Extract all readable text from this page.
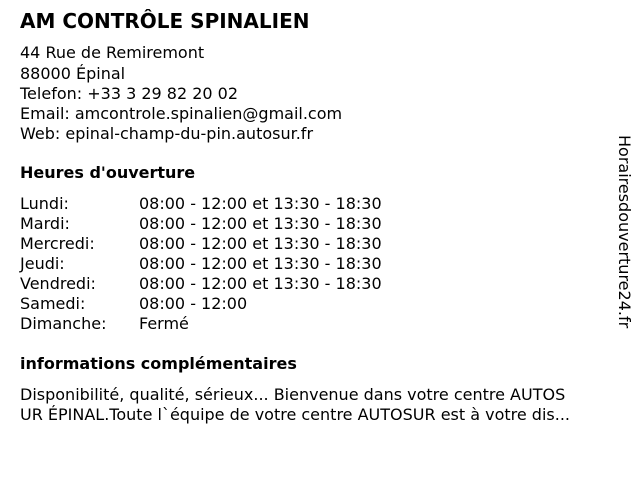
AM CONTRÔLE SPINALIEN
44 Rue de Remiremont
88000 Épinal
Telefon: +33 3 29 82 20 02
Email: amcontrole.spinalien@gmail.com
Web: epinal-champ-du-pin.autosur.fr
Heures d'ouverture
Lundi:	08:00 - 12:00 et 13:30 - 18:30
Mardi:	08:00 - 12:00 et 13:30 - 18:30
Mercredi:	08:00 - 12:00 et 13:30 - 18:30
Jeudi:	08:00 - 12:00 et 13:30 - 18:30
Vendredi:	08:00 - 12:00 et 13:30 - 18:30
Samedi:	08:00 - 12:00
Dimanche: Fermé
informations complémentaires
Disponibilité, qualité, sérieux... Bienvenue dans votre centre AUTOS
UR ÉPINAL.Toute l`équipe de votre centre AUTOSUR est à votre dis...
Horairesdouverture24.fr
